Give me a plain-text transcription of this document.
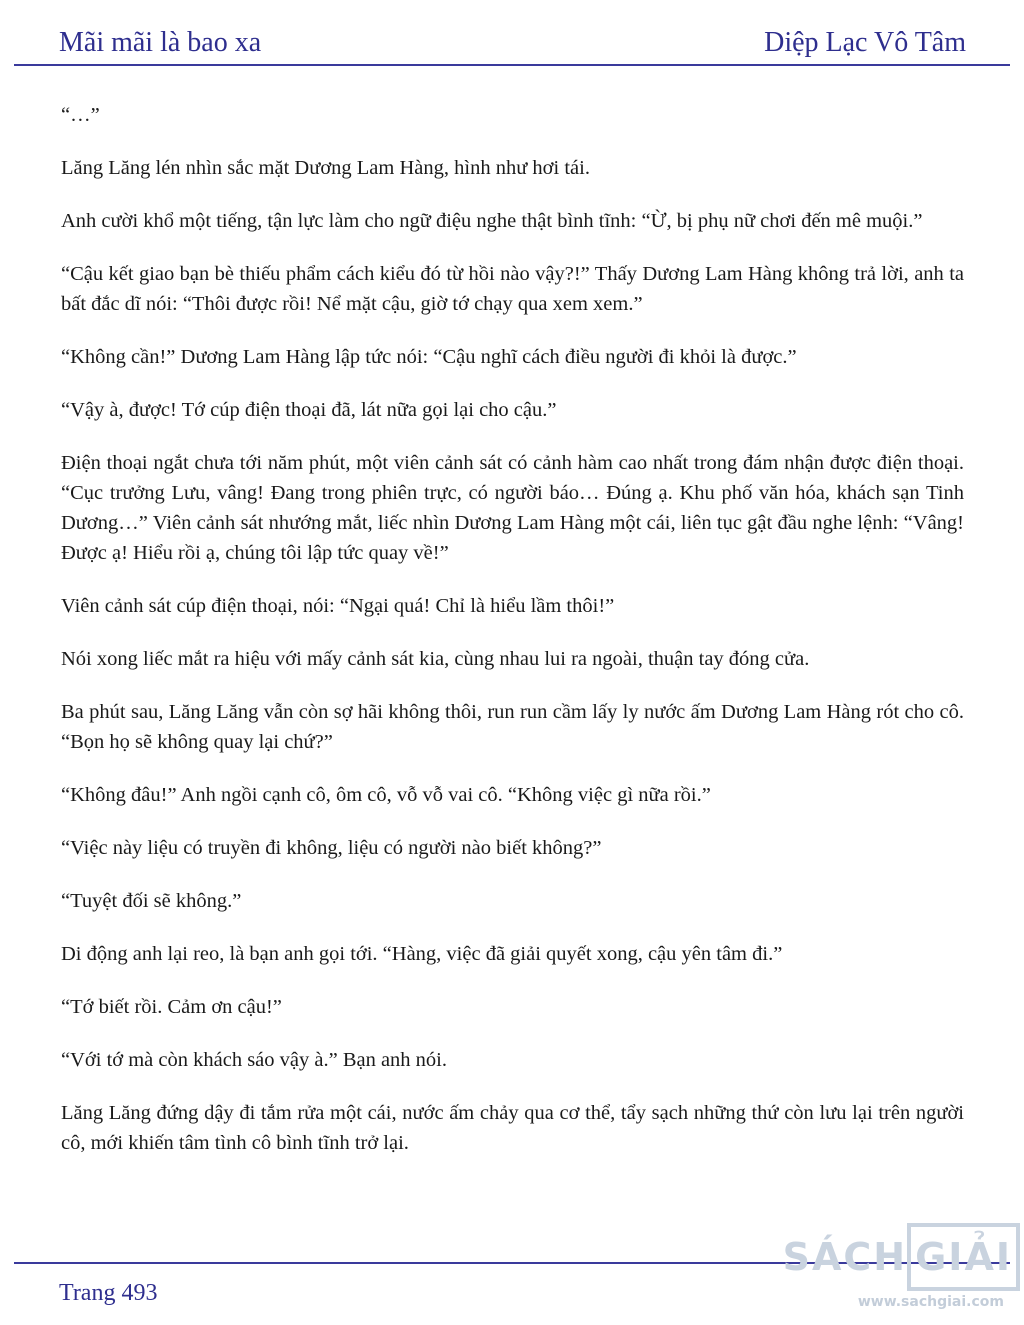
Mãi mãi là bao xa	Diệp Lạc Vô Tâm

“…”

Lăng Lăng lén nhìn sắc mặt Dương Lam Hàng, hình như hơi tái.

Anh cười khổ một tiếng, tận lực làm cho ngữ điệu nghe thật bình tĩnh: “Ừ, bị phụ nữ chơi đến mê muội.”

“Cậu kết giao bạn bè thiếu phẩm cách kiểu đó từ hồi nào vậy?!” Thấy Dương Lam Hàng không trả lời, anh ta bất đắc dĩ nói: “Thôi được rồi! Nể mặt cậu, giờ tớ chạy qua xem xem.”

“Không cần!” Dương Lam Hàng lập tức nói: “Cậu nghĩ cách điều người đi khỏi là được.”

“Vậy à, được! Tớ cúp điện thoại đã, lát nữa gọi lại cho cậu.”

Điện thoại ngắt chưa tới năm phút, một viên cảnh sát có cảnh hàm cao nhất trong đám nhận được điện thoại. “Cục trưởng Lưu, vâng! Đang trong phiên trực, có người báo… Đúng ạ. Khu phố văn hóa, khách sạn Tinh Dương…” Viên cảnh sát nhướng mắt, liếc nhìn Dương Lam Hàng một cái, liên tục gật đầu nghe lệnh: “Vâng! Được ạ! Hiểu rồi ạ, chúng tôi lập tức quay về!”

Viên cảnh sát cúp điện thoại, nói: “Ngại quá! Chỉ là hiểu lầm thôi!”

Nói xong liếc mắt ra hiệu với mấy cảnh sát kia, cùng nhau lui ra ngoài, thuận tay đóng cửa.

Ba phút sau, Lăng Lăng vẫn còn sợ hãi không thôi, run run cầm lấy ly nước ấm Dương Lam Hàng rót cho cô. “Bọn họ sẽ không quay lại chứ?”

“Không đâu!” Anh ngồi cạnh cô, ôm cô, vỗ vỗ vai cô. “Không việc gì nữa rồi.”

“Việc này liệu có truyền đi không, liệu có người nào biết không?”

“Tuyệt đối sẽ không.”

Di động anh lại reo, là bạn anh gọi tới. “Hàng, việc đã giải quyết xong, cậu yên tâm đi.”

“Tớ biết rồi. Cảm ơn cậu!”

“Với tớ mà còn khách sáo vậy à.” Bạn anh nói.

Lăng Lăng đứng dậy đi tắm rửa một cái, nước ấm chảy qua cơ thể, tẩy sạch những thứ còn lưu lại trên người cô, mới khiến tâm tình cô bình tĩnh trở lại.

Trang 493
SÁCH GIẢI
www.sachgiai.com
